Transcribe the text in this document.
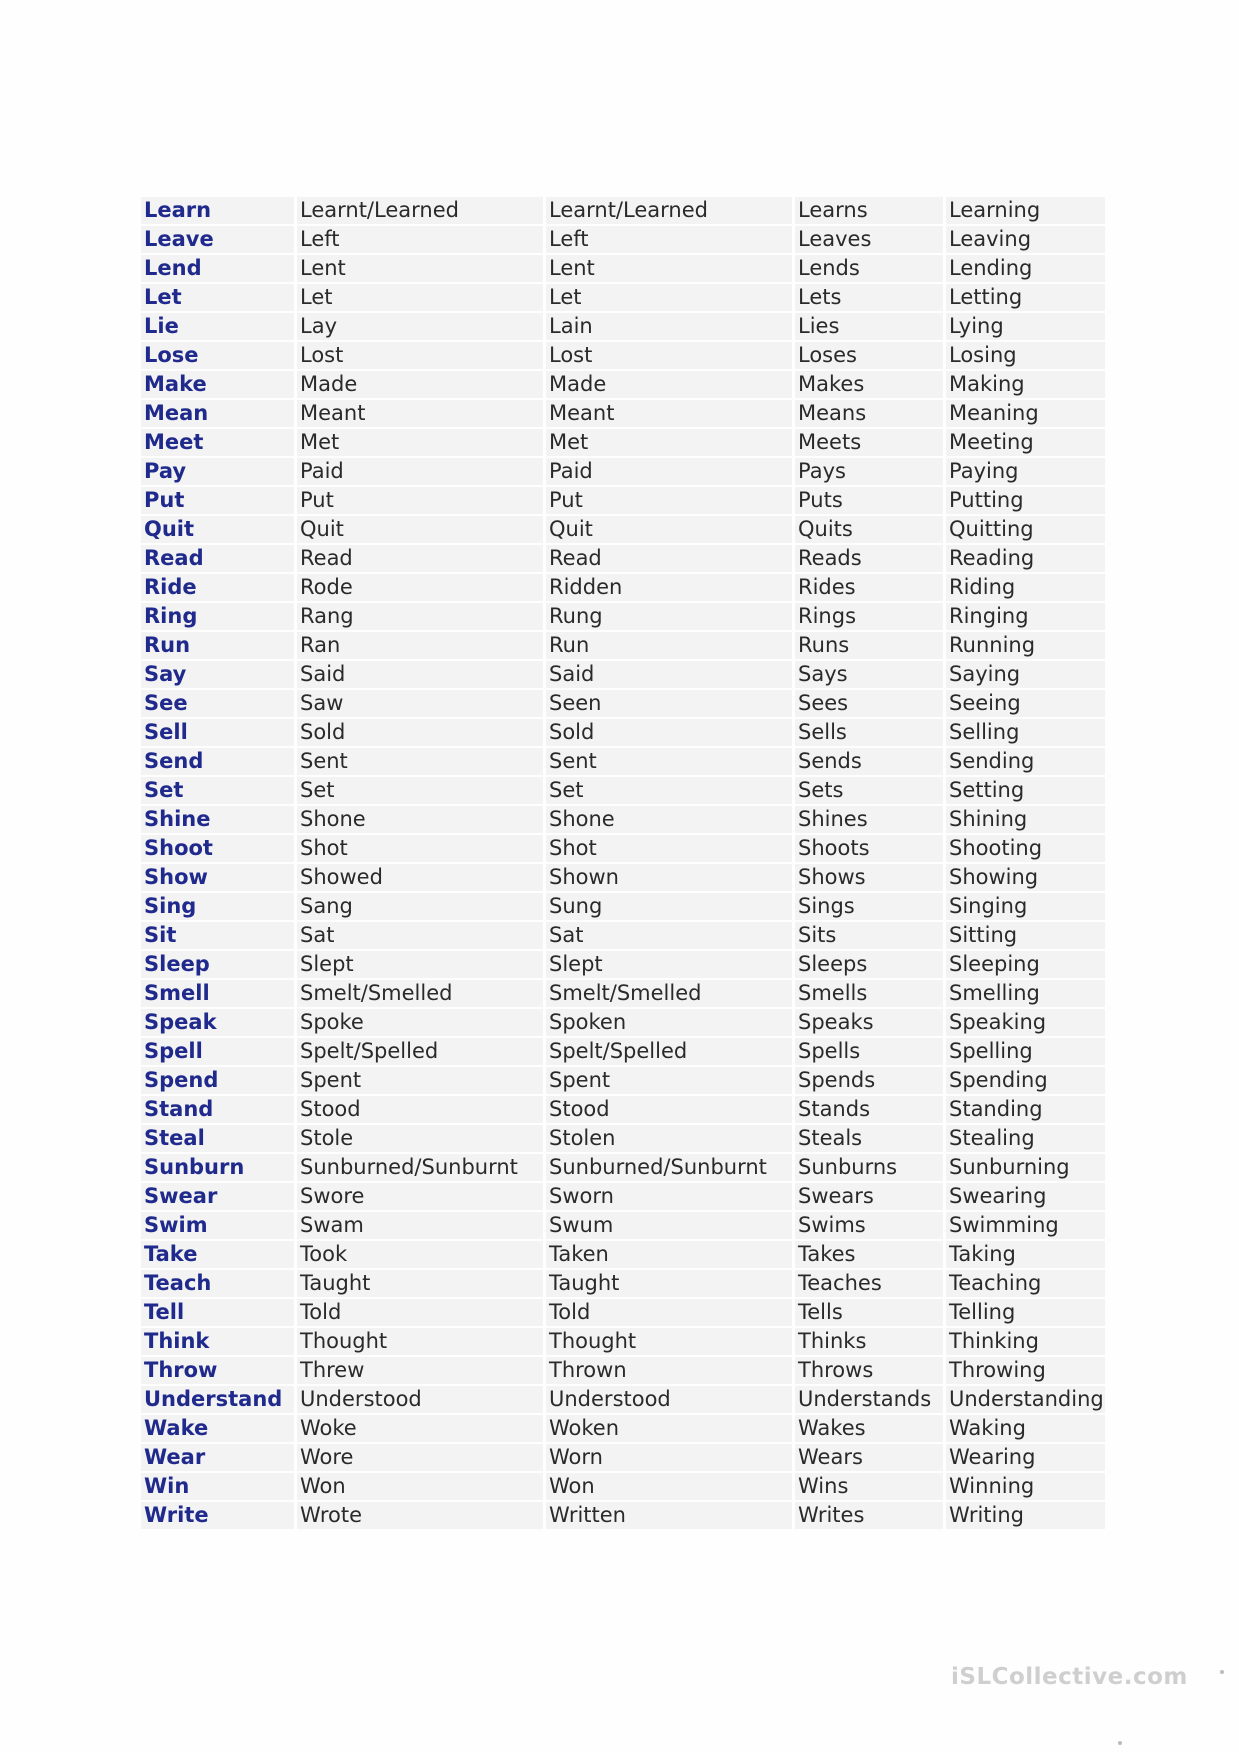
Learn	Learnt/Learned	Learnt/Learned	Learns	Learning
Leave	Left	Left	Leaves	Leaving
Lend	Lent	Lent	Lends	Lending
Let	Let	Let	Lets	Letting
Lie	Lay	Lain	Lies	Lying
Lose	Lost	Lost	Loses	Losing
Make	Made	Made	Makes	Making
Mean	Meant	Meant	Means	Meaning
Meet	Met	Met	Meets	Meeting
Pay	Paid	Paid	Pays	Paying
Put	Put	Put	Puts	Putting
Quit	Quit	Quit	Quits	Quitting
Read	Read	Read	Reads	Reading
Ride	Rode	Ridden	Rides	Riding
Ring	Rang	Rung	Rings	Ringing
Run	Ran	Run	Runs	Running
Say	Said	Said	Says	Saying
See	Saw	Seen	Sees	Seeing
Sell	Sold	Sold	Sells	Selling
Send	Sent	Sent	Sends	Sending
Set	Set	Set	Sets	Setting
Shine	Shone	Shone	Shines	Shining
Shoot	Shot	Shot	Shoots	Shooting
Show	Showed	Shown	Shows	Showing
Sing	Sang	Sung	Sings	Singing
Sit	Sat	Sat	Sits	Sitting
Sleep	Slept	Slept	Sleeps	Sleeping
Smell	Smelt/Smelled	Smelt/Smelled	Smells	Smelling
Speak	Spoke	Spoken	Speaks	Speaking
Spell	Spelt/Spelled	Spelt/Spelled	Spells	Spelling
Spend	Spent	Spent	Spends	Spending
Stand	Stood	Stood	Stands	Standing
Steal	Stole	Stolen	Steals	Stealing
Sunburn	Sunburned/Sunburnt	Sunburned/Sunburnt	Sunburns	Sunburning
Swear	Swore	Sworn	Swears	Swearing
Swim	Swam	Swum	Swims	Swimming
Take	Took	Taken	Takes	Taking
Teach	Taught	Taught	Teaches	Teaching
Tell	Told	Told	Tells	Telling
Think	Thought	Thought	Thinks	Thinking
Throw	Threw	Thrown	Throws	Throwing
Understand	Understood	Understood	Understands	Understanding
Wake	Woke	Woken	Wakes	Waking
Wear	Wore	Worn	Wears	Wearing
Win	Won	Won	Wins	Winning
Write	Wrote	Written	Writes	Writing
iSLCollective.com
